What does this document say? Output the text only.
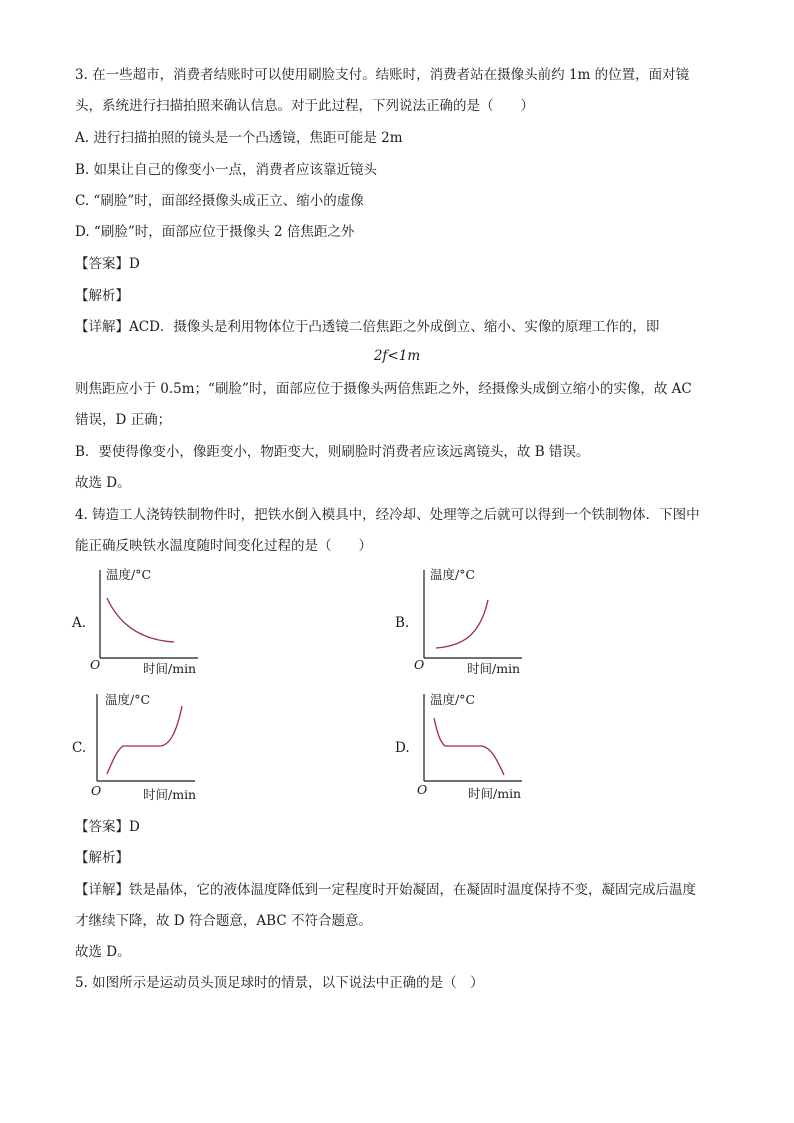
3. 在一些超市，消费者结账时可以使用刷脸支付。结账时，消费者站在摄像头前约 1m 的位置，面对镜
头，系统进行扫描拍照来确认信息。对于此过程，下列说法正确的是（　　）
A. 进行扫描拍照的镜头是一个凸透镜，焦距可能是 2m
B. 如果让自己的像变小一点，消费者应该靠近镜头
C. “刷脸”时，面部经摄像头成正立、缩小的虚像
D. “刷脸”时，面部应位于摄像头 2 倍焦距之外
【答案】D
【解析】
【详解】ACD．摄像头是利用物体位于凸透镜二倍焦距之外成倒立、缩小、实像的原理工作的，即
2f<1m
则焦距应小于 0.5m；“刷脸”时，面部应位于摄像头两倍焦距之外，经摄像头成倒立缩小的实像，故 AC
错误，D 正确；
B．要使得像变小，像距变小，物距变大，则刷脸时消费者应该远离镜头，故 B 错误。
故选 D。
4. 铸造工人浇铸铁制物件时，把铁水倒入模具中，经冷却、处理等之后就可以得到一个铁制物体．下图中
能正确反映铁水温度随时间变化过程的是（　　）
A.
温度/°C
时间/min
O
B.
温度/°C
时间/min
O
C.
温度/°C
时间/min
O
D.
温度/°C
时间/min
O
【答案】D
【解析】
【详解】铁是晶体，它的液体温度降低到一定程度时开始凝固，在凝固时温度保持不变，凝固完成后温度
才继续下降，故 D 符合题意，ABC 不符合题意。
故选 D。
5. 如图所示是运动员头顶足球时的情景，以下说法中正确的是（　）
